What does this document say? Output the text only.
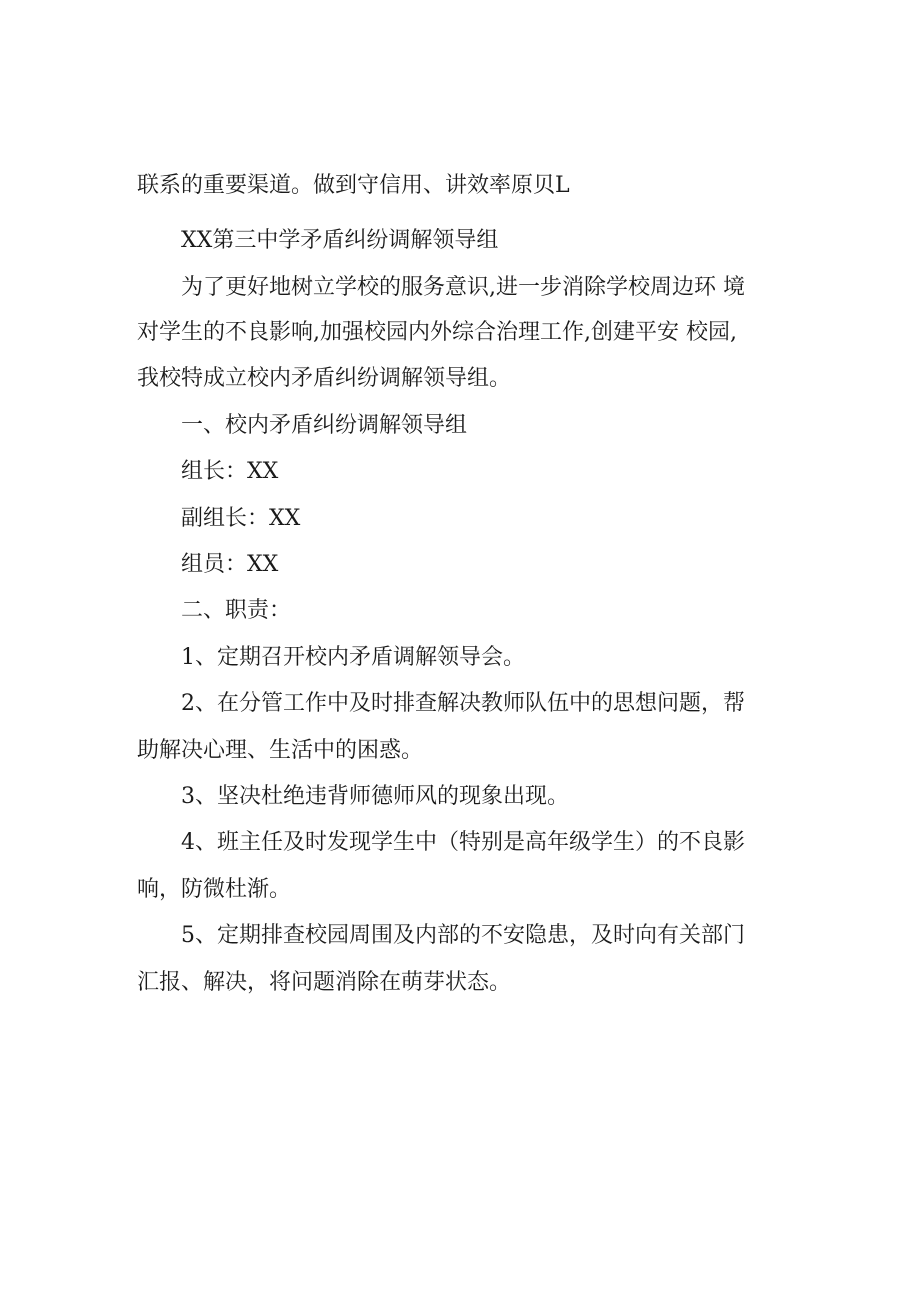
联系的重要渠道。做到守信用、讲效率原贝L
XX第三中学矛盾纠纷调解领导组
为了更好地树立学校的服务意识,进一步消除学校周边环 境
对学生的不良影响,加强校园内外综合治理工作,创建平安 校园,
我校特成立校内矛盾纠纷调解领导组。
一、校内矛盾纠纷调解领导组
组长：XX
副组长：XX
组员：XX
二、职责：
1、定期召开校内矛盾调解领导会。
2、在分管工作中及时排查解决教师队伍中的思想问题，帮
助解决心理、生活中的困惑。
3、坚决杜绝违背师德师风的现象出现。
4、班主任及时发现学生中（特别是高年级学生）的不良影
响，防微杜渐。
5、定期排查校园周围及内部的不安隐患，及时向有关部门
汇报、解决，将问题消除在萌芽状态。
